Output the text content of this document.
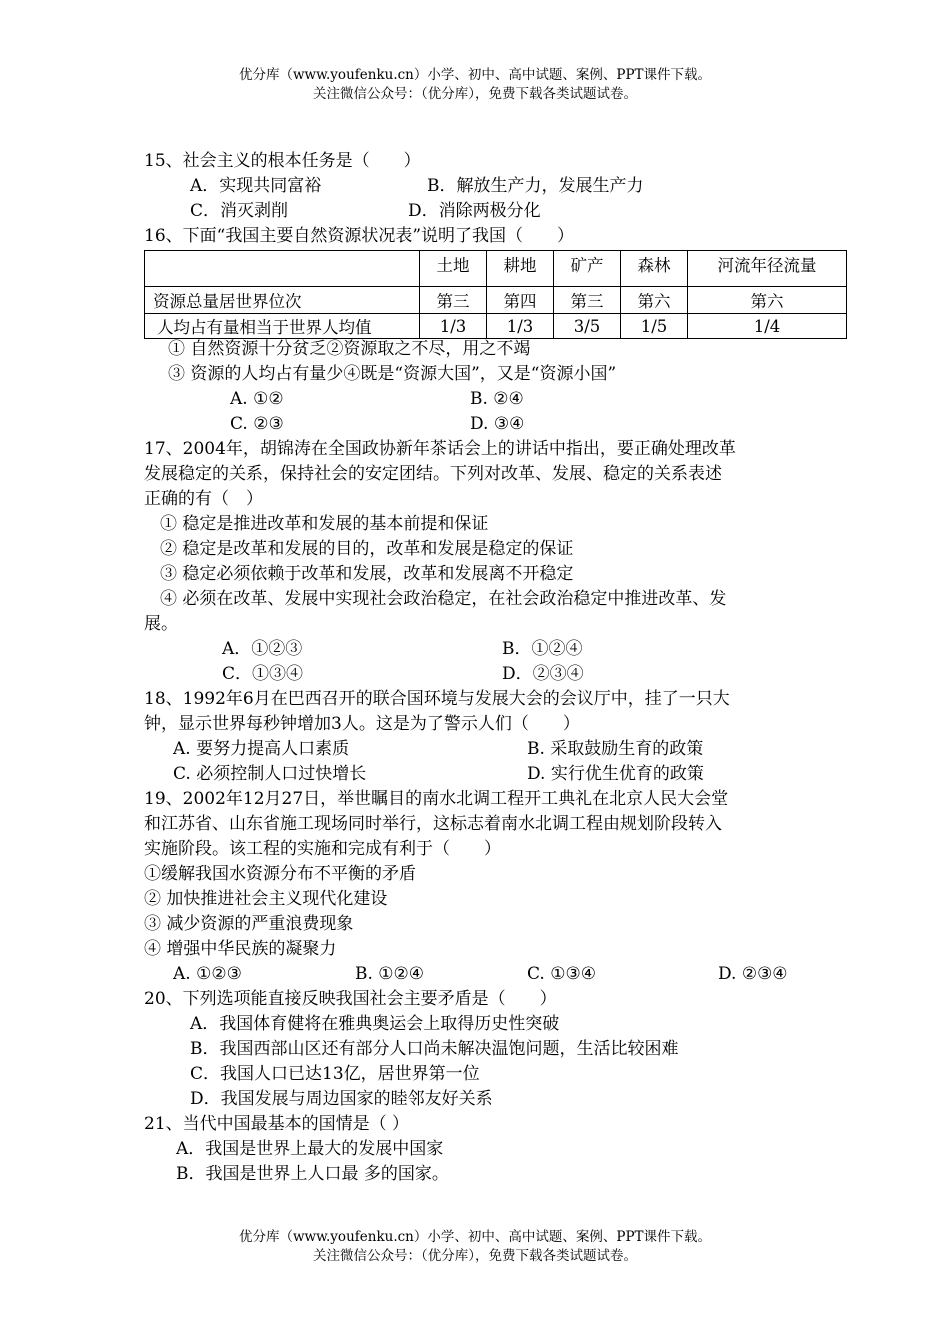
优分库（www.youfenku.cn）小学、初中、高中试题、案例、PPT课件下载。
关注微信公众号：（优分库），免费下载各类试题试卷。
15、社会主义的根本任务是（　　）
A．实现共同富裕	B．解放生产力，发展生产力
C．消灭剥削	D．消除两极分化
16、下面“我国主要自然资源状况表”说明了我国（　　）
	土地	耕地	矿产	森林	河流年径流量
资源总量居世界位次	第三	第四	第三	第六	第六
人均占有量相当于世界人均值	1/3	1/3	3/5	1/5	1/4
① 自然资源十分贫乏②资源取之不尽，用之不竭
③ 资源的人均占有量少④既是“资源大国”，又是“资源小国”
A. ①②	B. ②④
C. ②③	D. ③④
17、2004年，胡锦涛在全国政协新年茶话会上的讲话中指出，要正确处理改革
发展稳定的关系，保持社会的安定团结。下列对改革、发展、稳定的关系表述
正确的有（　）
① 稳定是推进改革和发展的基本前提和保证
② 稳定是改革和发展的目的，改革和发展是稳定的保证
③ 稳定必须依赖于改革和发展，改革和发展离不开稳定
④ 必须在改革、发展中实现社会政治稳定，在社会政治稳定中推进改革、发
展。
A．①②③	B．①②④
C．①③④	D．②③④
18、1992年6月在巴西召开的联合国环境与发展大会的会议厅中，挂了一只大
钟，显示世界每秒钟增加3人。这是为了警示人们（　　）
A. 要努力提高人口素质	B. 采取鼓励生育的政策
C. 必须控制人口过快增长	D. 实行优生优育的政策
19、2002年12月27日，举世瞩目的南水北调工程开工典礼在北京人民大会堂
和江苏省、山东省施工现场同时举行，这标志着南水北调工程由规划阶段转入
实施阶段。该工程的实施和完成有利于（　　）
①缓解我国水资源分布不平衡的矛盾
② 加快推进社会主义现代化建设
③ 减少资源的严重浪费现象
④ 增强中华民族的凝聚力
A. ①②③	B. ①②④	C. ①③④	D. ②③④
20、下列选项能直接反映我国社会主要矛盾是（　　）
A．我国体育健将在雅典奥运会上取得历史性突破
B．我国西部山区还有部分人口尚未解决温饱问题，生活比较困难
C．我国人口已达13亿，居世界第一位
D．我国发展与周边国家的睦邻友好关系
21、当代中国最基本的国情是（ ）
A．我国是世界上最大的发展中国家
B．我国是世界上人口最 多的国家。
优分库（www.youfenku.cn）小学、初中、高中试题、案例、PPT课件下载。
关注微信公众号：（优分库），免费下载各类试题试卷。
